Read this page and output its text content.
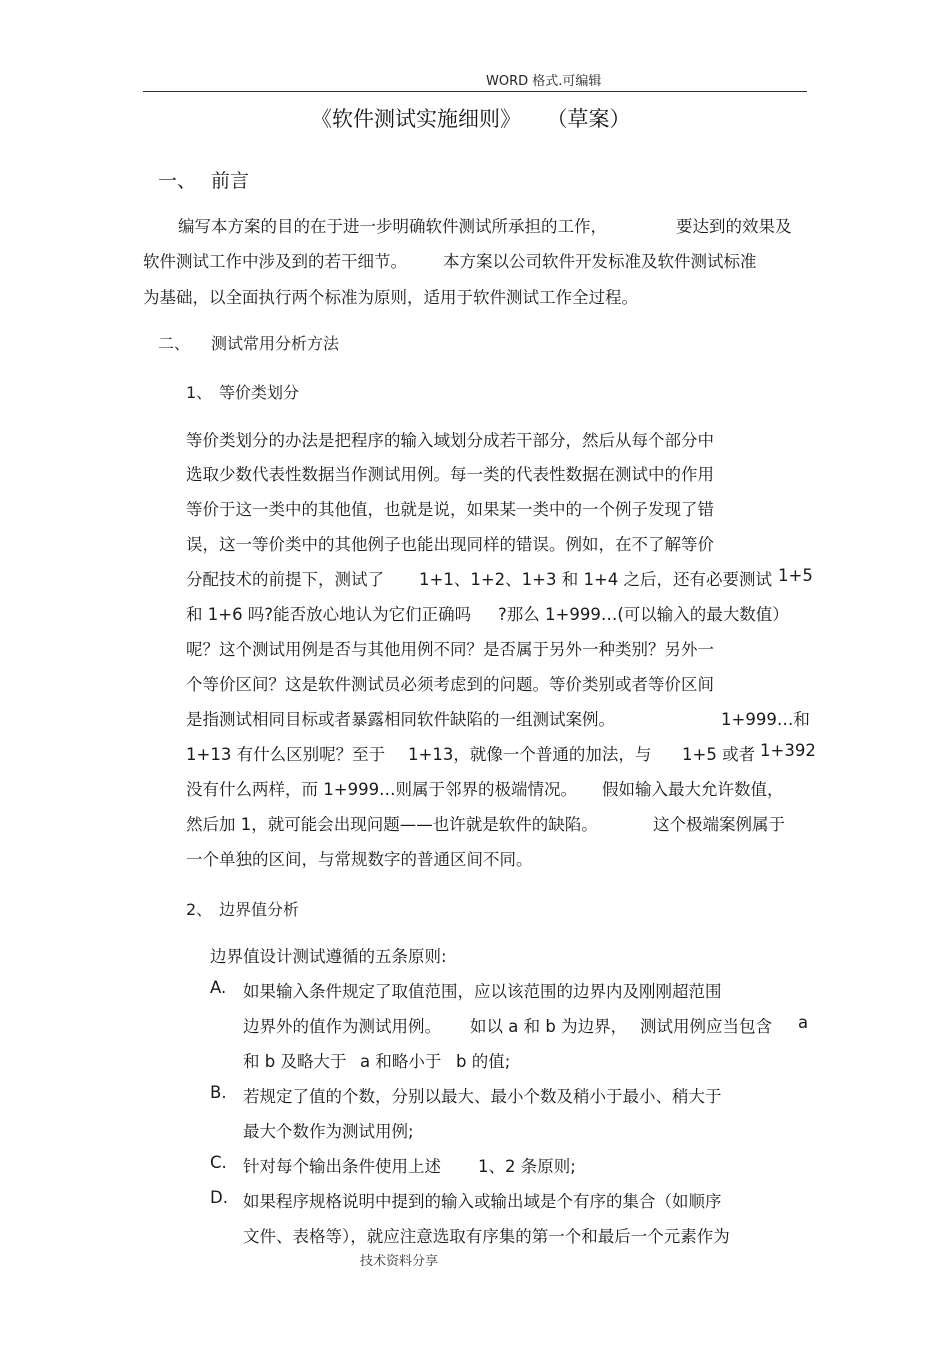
WORD 格式.可编辑
《软件测试实施细则》 （草案）
一、 前言
编写本方案的目的在于进一步明确软件测试所承担的工作，	要达到的效果及
软件测试工作中涉及到的若干细节。 本方案以公司软件开发标准及软件测试标准
为基础，以全面执行两个标准为原则，适用于软件测试工作全过程。
二、 测试常用分析方法
1、 等价类划分
等价类划分的办法是把程序的输入域划分成若干部分，然后从每个部分中
选取少数代表性数据当作测试用例。每一类的代表性数据在测试中的作用
等价于这一类中的其他值，也就是说，如果某一类中的一个例子发现了错
误，这一等价类中的其他例子也能出现同样的错误。例如，在不了解等价
分配技术的前提下，测试了 1+1、1+2、1+3 和 1+4 之后，还有必要测试 1+5
和 1+6 吗?能否放心地认为它们正确吗 ?那么 1+999…(可以输入的最大数值）
呢？这个测试用例是否与其他用例不同？是否属于另外一种类别？另外一
个等价区间？这是软件测试员必须考虑到的问题。等价类别或者等价区间
是指测试相同目标或者暴露相同软件缺陷的一组测试案例。	1+999…和
1+13 有什么区别呢？至于 1+13，就像一个普通的加法，与 1+5 或者 1+392
没有什么两样，而 1+999…则属于邻界的极端情况。 假如输入最大允许数值，
然后加 1，就可能会出现问题——也许就是软件的缺陷。	这个极端案例属于
一个单独的区间，与常规数字的普通区间不同。
2、 边界值分析
边界值设计测试遵循的五条原则:
A. 如果输入条件规定了取值范围，应以该范围的边界内及刚刚超范围
边界外的值作为测试用例。 如以 a 和 b 为边界， 测试用例应当包含 a
和 b 及略大于 a 和略小于 b 的值;
B. 若规定了值的个数，分别以最大、最小个数及稍小于最小、稍大于
最大个数作为测试用例;
C. 针对每个输出条件使用上述 1、2 条原则;
D. 如果程序规格说明中提到的输入或输出域是个有序的集合（如顺序
文件、表格等），就应注意选取有序集的第一个和最后一个元素作为
技术资料分享
